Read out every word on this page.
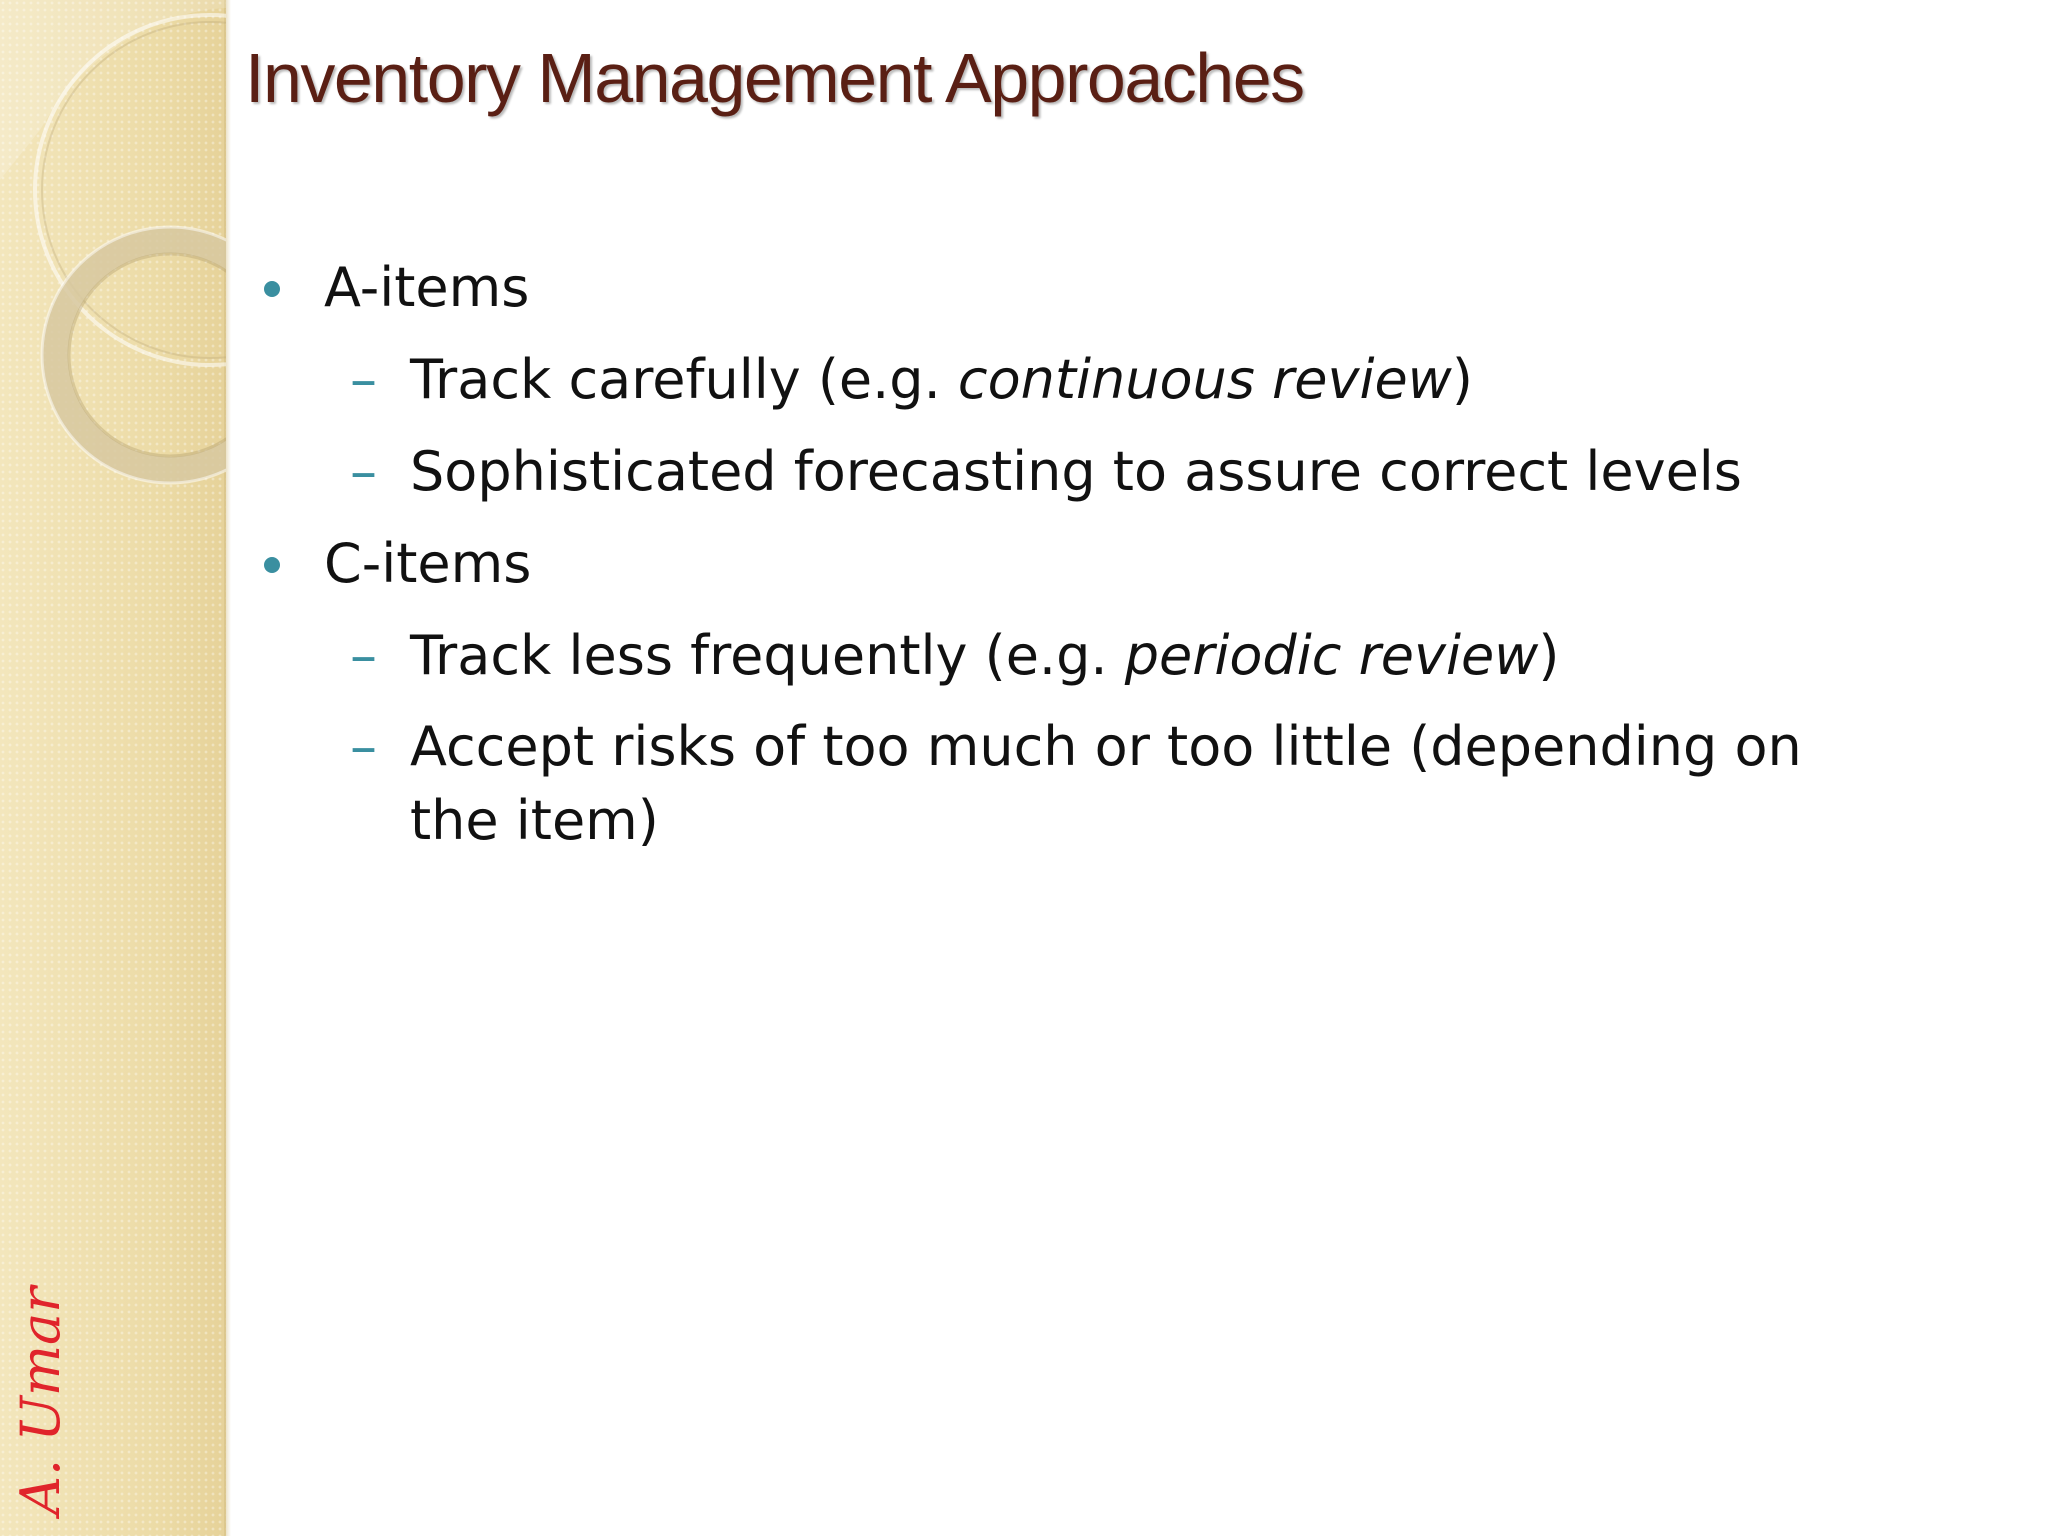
A. Umar
Inventory Management Approaches
A-items
– Track carefully (e.g. continuous review)
– Sophisticated forecasting to assure correct levels
C-items
– Track less frequently (e.g. periodic review)
– Accept risks of too much or too little (depending on the item)
